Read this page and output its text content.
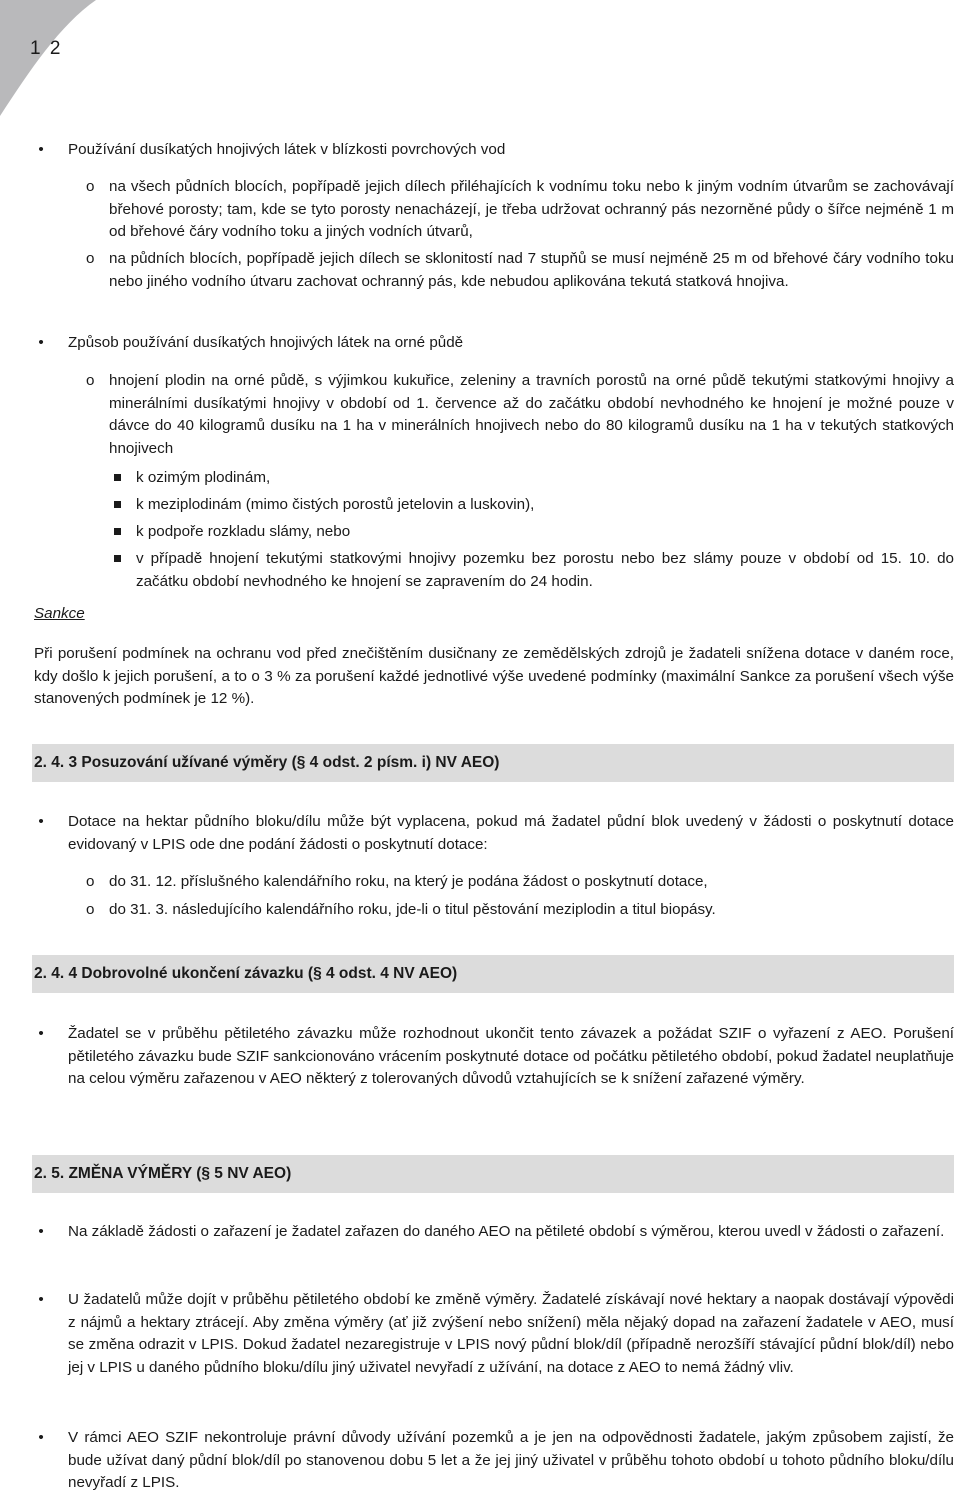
1 2
• Používání dusíkatých hnojivých látek v blízkosti povrchových vod
o na všech půdních blocích, popřípadě jejich dílech přiléhajících k vodnímu toku nebo k jiným vodním útvarům se zachovávají břehové porosty; tam, kde se tyto porosty nenacházejí, je třeba udržovat ochranný pás nezorněné půdy o šířce nejméně 1 m od břehové čáry vodního toku a jiných vodních útvarů,
o na půdních blocích, popřípadě jejich dílech se sklonitostí nad 7 stupňů se musí nejméně 25 m od břehové čáry vodního toku nebo jiného vodního útvaru zachovat ochranný pás, kde nebudou aplikována tekutá statková hnojiva.
• Způsob používání dusíkatých hnojivých látek na orné půdě
o hnojení plodin na orné půdě, s výjimkou kukuřice, zeleniny a travních porostů na orné půdě tekutými statkovými hnojivy a minerálními dusíkatými hnojivy v období od 1. července až do začátku období nevhodného ke hnojení je možné pouze v dávce do 40 kilogramů dusíku na 1 ha v minerálních hnojivech nebo do 80 kilogramů dusíku na 1 ha v tekutých statkových hnojivech
k ozimým plodinám,
k meziplodinám (mimo čistých porostů jetelovin a luskovin),
k podpoře rozkladu slámy, nebo
v případě hnojení tekutými statkovými hnojivy pozemku bez porostu nebo bez slámy pouze v období od 15. 10. do začátku období nevhodného ke hnojení se zapravením do 24 hodin.
Sankce
Při porušení podmínek na ochranu vod před znečištěním dusičnany ze zemědělských zdrojů je žadateli snížena dotace v daném roce, kdy došlo k jejich porušení, a to o 3 % za porušení každé jednotlivé výše uvedené podmínky (maximální Sankce za porušení všech výše stanovených podmínek je 12 %).
2. 4. 3 Posuzování užívané výměry (§ 4 odst. 2 písm. i) NV AEO)
• Dotace na hektar půdního bloku/dílu může být vyplacena, pokud má žadatel půdní blok uvedený v žádosti o poskytnutí dotace evidovaný v LPIS ode dne podání žádosti o poskytnutí dotace:
o do 31. 12. příslušného kalendářního roku, na který je podána žádost o poskytnutí dotace,
o do 31. 3. následujícího kalendářního roku, jde-li o titul pěstování meziplodin a titul biopásy.
2. 4. 4 Dobrovolné ukončení závazku (§ 4 odst. 4 NV AEO)
• Žadatel se v průběhu pětiletého závazku může rozhodnout ukončit tento závazek a požádat SZIF o vyřazení z AEO. Porušení pětiletého závazku bude SZIF sankcionováno vrácením poskytnuté dotace od počátku pětiletého období, pokud žadatel neuplatňuje na celou výměru zařazenou v AEO některý z tolerovaných důvodů vztahujících se k snížení zařazené výměry.
2. 5. ZMĚNA VÝMĚRY (§ 5 NV AEO)
• Na základě žádosti o zařazení je žadatel zařazen do daného AEO na pětileté období s výměrou, kterou uvedl v žádosti o zařazení.
• U žadatelů může dojít v průběhu pětiletého období ke změně výměry. Žadatelé získávají nové hektary a naopak dostávají výpovědi z nájmů a hektary ztrácejí. Aby změna výměry (ať již zvýšení nebo snížení) měla nějaký dopad na zařazení žadatele v AEO, musí se změna odrazit v LPIS. Dokud žadatel nezaregistruje v LPIS nový půdní blok/díl (případně nerozšíří stávající půdní blok/díl) nebo jej v LPIS u daného půdního bloku/dílu jiný uživatel nevyřadí z užívání, na dotace z AEO to nemá žádný vliv.
• V rámci AEO SZIF nekontroluje právní důvody užívání pozemků a je jen na odpovědnosti žadatele, jakým způsobem zajistí, že bude užívat daný půdní blok/díl po stanovenou dobu 5 let a že jej jiný uživatel v průběhu tohoto období u tohoto půdního bloku/dílu nevyřadí z LPIS.
